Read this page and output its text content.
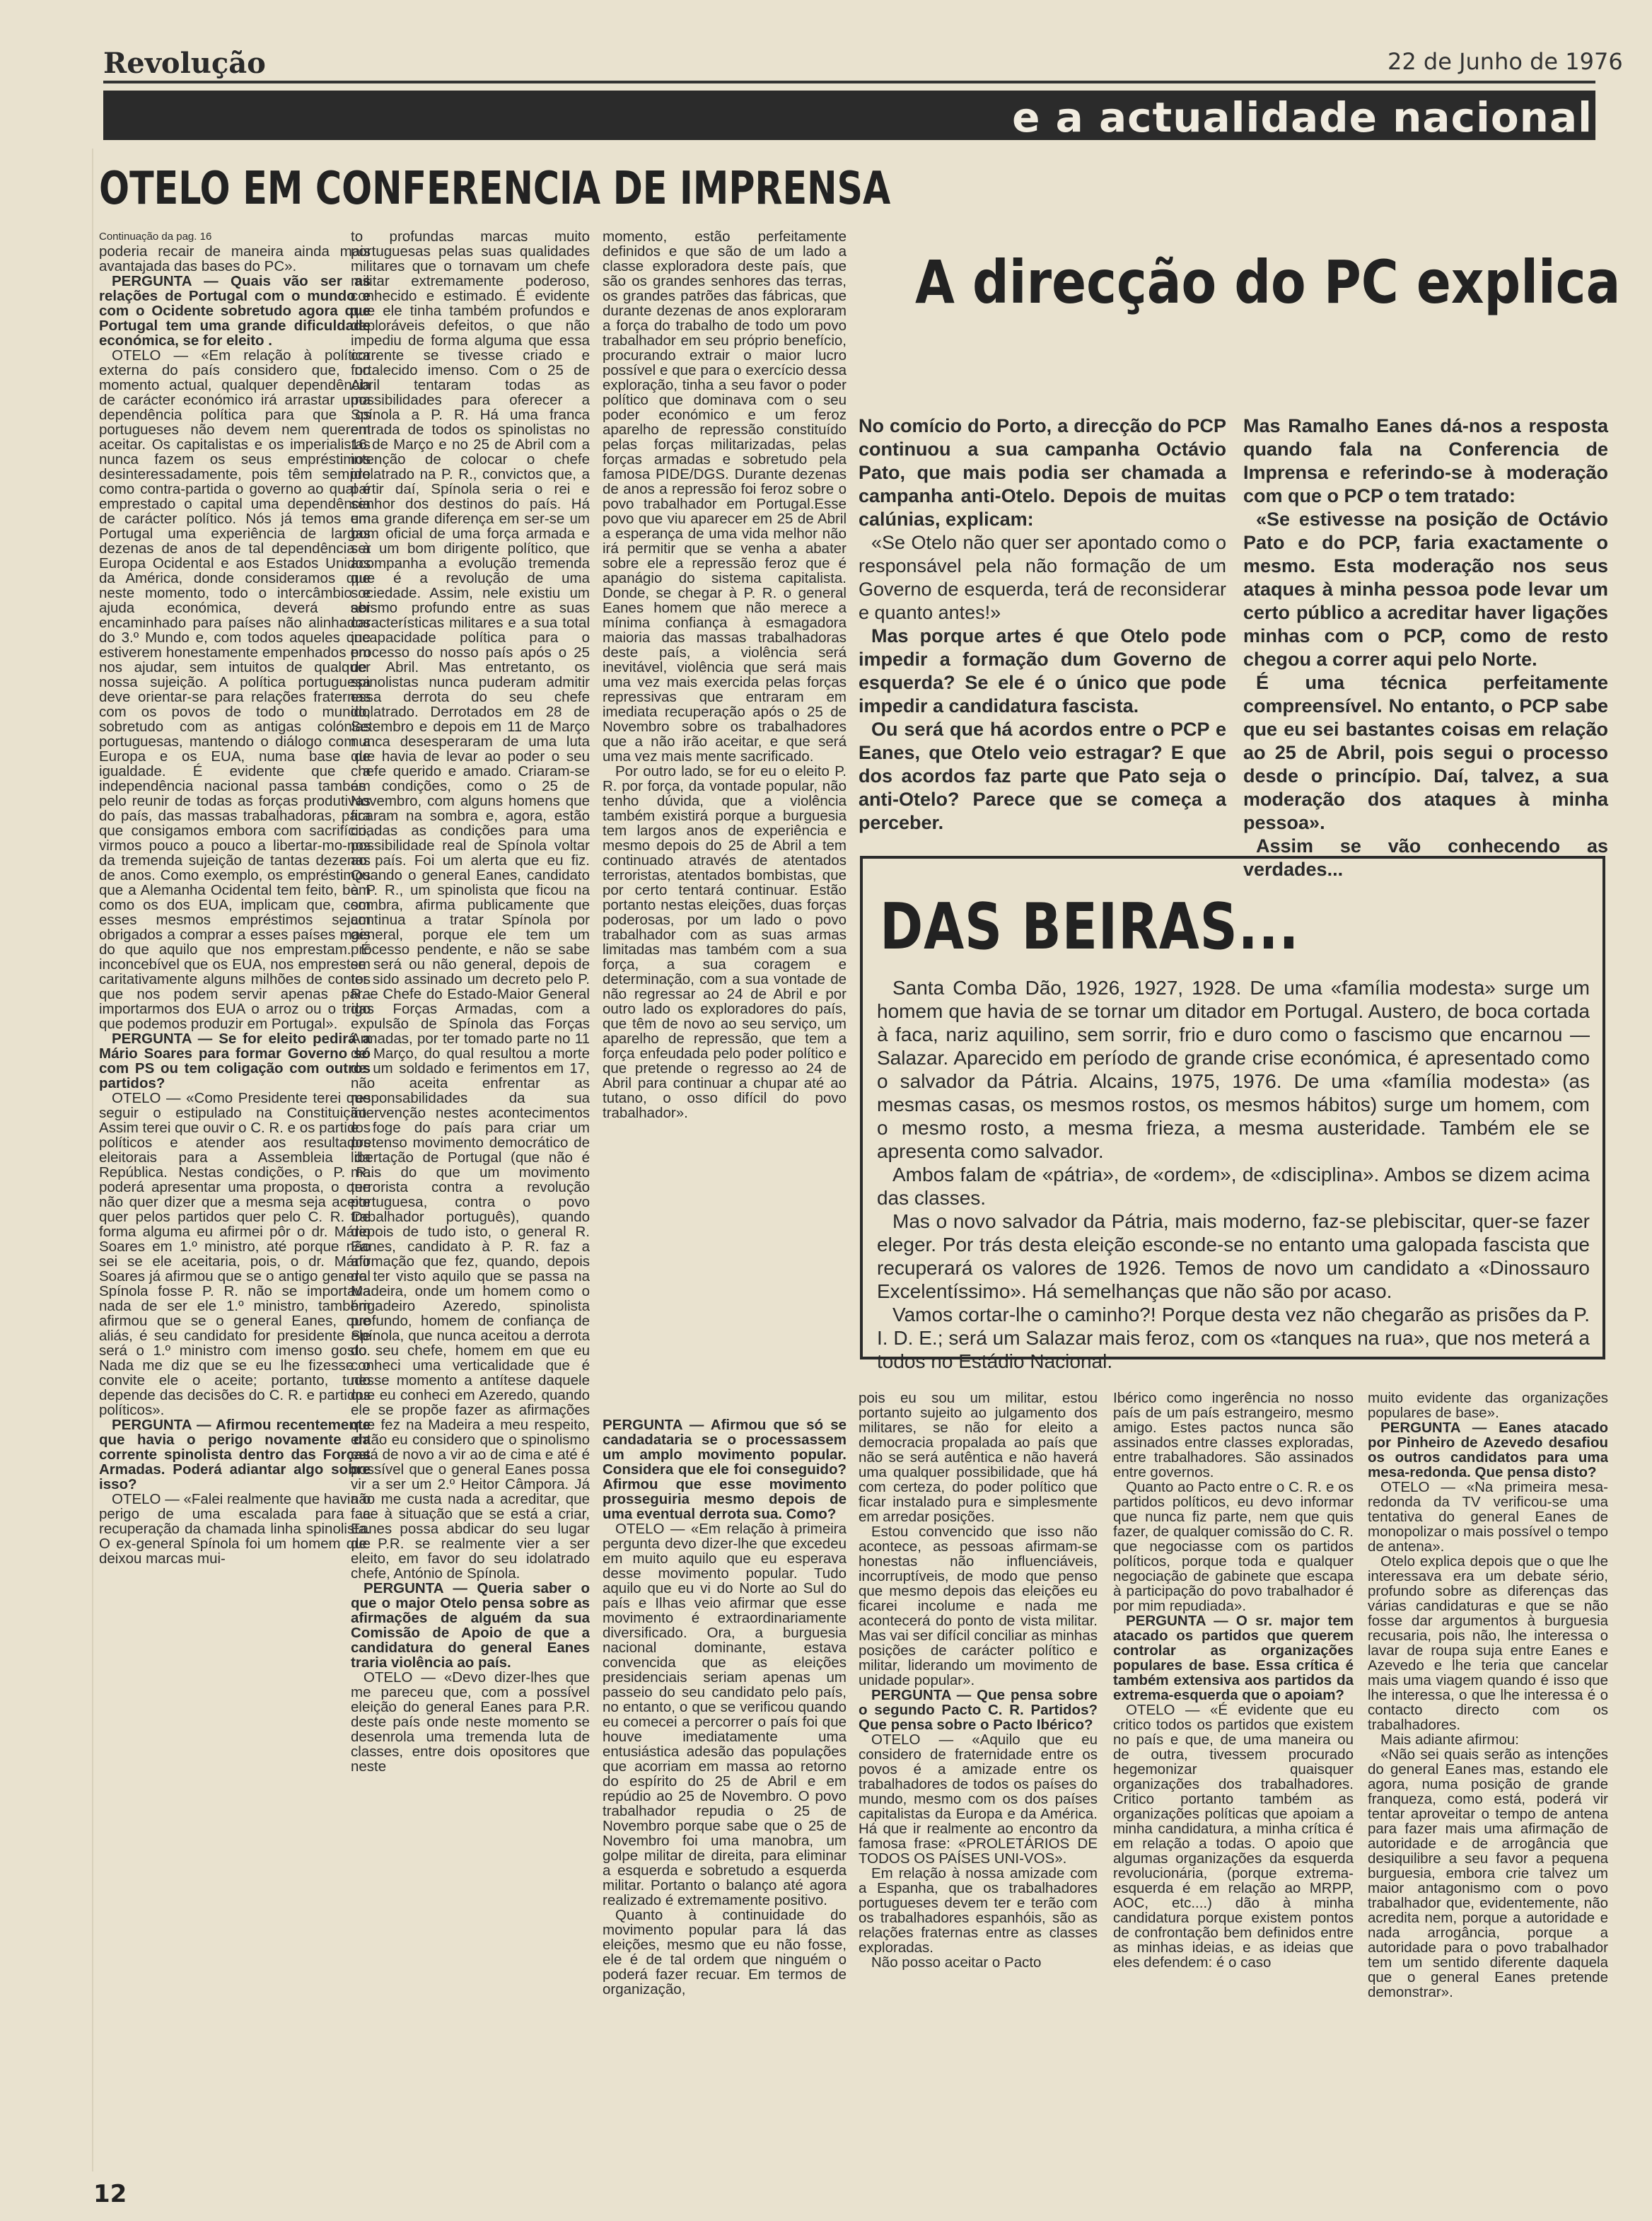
Revolução	22 de Junho de 1976
e a actualidade nacional
OTELO EM CONFERENCIA DE IMPRENSA
Continuação da pag. 16

poderia recair de maneira ainda mais avantajada das bases do PC».

PERGUNTA — Quais vão ser as relações de Portugal com o mundo e com o Ocidente sobretudo agora que Portugal tem uma grande dificuldade económica, se for eleito .

OTELO — «Em relação à política externa do país considero que, no momento actual, qualquer dependência de carácter económico irá arrastar uma dependência política para que os portugueses não devem nem querem aceitar. Os capitalistas e os imperialistas nunca fazem os seus empréstimos desinteressadamente, pois têm sempre como contra-partida o governo ao qual é emprestado o capital uma dependência de carácter político. Nós já temos em Portugal uma experiência de largas dezenas de anos de tal dependência à Europa Ocidental e aos Estados Unidos da América, donde consideramos que neste momento, todo o intercâmbio e ajuda económica, deverá ser encaminhado para países não alinhados do 3.º Mundo e, com todos aqueles que estiverem honestamente empenhados em nos ajudar, sem intuitos de qualquer nossa sujeição. A política portuguesa deve orientar-se para relações fraternas com os povos de todo o mundo, sobretudo com as antigas colónias portuguesas, mantendo o diálogo com a Europa e os EUA, numa base de igualdade. É evidente que a independência nacional passa também pelo reunir de todas as forças produtivas do país, das massas trabalhadoras, para que consigamos embora com sacrifício, virmos pouco a pouco a libertar-mo-nos da tremenda sujeição de tantas dezenas de anos. Como exemplo, os empréstimos que a Alemanha Ocidental tem feito, bem como os dos EUA, implicam que, com esses mesmos empréstimos sejam obrigados a comprar a esses países mais do que aquilo que nos emprestam. É inconcebível que os EUA, nos emprestem caritativamente alguns milhões de contos que nos podem servir apenas para importarmos dos EUA o arroz ou o trigo que podemos produzir em Portugal».

PERGUNTA — Se for eleito pedirá a Mário Soares para formar Governo só com PS ou tem coligação com outros partidos?

OTELO — «Como Presidente terei que seguir o estipulado na Constituição. Assim terei que ouvir o C. R. e os partidos políticos e atender aos resultados eleitorais para a Assembleia da República. Nestas condições, o P. R. poderá apresentar uma proposta, o que não quer dizer que a mesma seja aceite quer pelos partidos quer pelo C. R. De forma alguma eu afirmei pôr o dr. Mário Soares em 1.º ministro, até porque não sei se ele aceitaria, pois, o dr. Mário Soares já afirmou que se o antigo general Spínola fosse P. R. não se importava nada de ser ele 1.º ministro, também afirmou que se o general Eanes, que aliás, é seu candidato for presidente ele será o 1.º ministro com imenso gosto. Nada me diz que se eu lhe fizesse o convite ele o aceite; portanto, tudo depende das decisões do C. R. e partidos políticos».

PERGUNTA — Afirmou recentemente que havia o perigo novamente da corrente spinolista dentro das Forças Armadas. Poderá adiantar algo sobre isso?

OTELO — «Falei realmente que havia o perigo de uma escalada para a recuperação da chamada linha spinolista. O ex-general Spínola foi um homem que deixou marcas mui-

to profundas marcas muito portuguesas pelas suas qualidades militares que o tornavam um chefe militar extremamente poderoso, conhecido e estimado. É evidente que ele tinha também profundos e deploráveis defeitos, o que não impediu de forma alguma que essa corrente se tivesse criado e fortalecido imenso. Com o 25 de Abril tentaram todas as possibilidades para oferecer a Spínola a P. R. Há uma franca entrada de todos os spinolistas no 16 de Março e no 25 de Abril com a intenção de colocar o chefe idolatrado na P. R., convictos que, a partir daí, Spínola seria o rei e senhor dos destinos do país. Há uma grande diferença em ser-se um bom oficial de uma força armada e ser um bom dirigente político, que acompanha a evolução tremenda que é a revolução de uma sociedade. Assim, nele existiu um abismo profundo entre as suas características militares e a sua total incapacidade política para o processo do nosso país após o 25 de Abril. Mas entretanto, os spinolistas nunca puderam admitir essa derrota do seu chefe idolatrado. Derrotados em 28 de Setembro e depois em 11 de Março nunca desesperaram de uma luta que havia de levar ao poder o seu chefe querido e amado. Criaram-se as condições, como o 25 de Novembro, com alguns homens que ficaram na sombra e, agora, estão criadas as condições para uma possibilidade real de Spínola voltar ao país. Foi um alerta que eu fiz. Quando o general Eanes, candidato à P. R., um spinolista que ficou na sombra, afirma publicamente que continua a tratar Spínola por general, porque ele tem um processo pendente, e não se sabe se será ou não general, depois de ter sido assinado um decreto pelo P. R. e Chefe do Estado-Maior General das Forças Armadas, com a expulsão de Spínola das Forças Armadas, por ter tomado parte no 11 de Março, do qual resultou a morte de um soldado e ferimentos em 17, não aceita enfrentar as responsabilidades da sua intervenção nestes acontecimentos e foge do país para criar um pretenso movimento democrático de libertação de Portugal (que não é mais do que um movimento terrorista contra a revolução portuguesa, contra o povo trabalhador português), quando depois de tudo isto, o general R. Eanes, candidato à P. R. faz a afirmação que fez, quando, depois de ter visto aquilo que se passa na Madeira, onde um homem como o brigadeiro Azeredo, spinolista profundo, homem de confiança de Spínola, que nunca aceitou a derrota do seu chefe, homem em que eu conheci uma verticalidade que é nesse momento a antítese daquele que eu conheci em Azeredo, quando ele se propõe fazer as afirmações que fez na Madeira a meu respeito, então eu considero que o spinolismo está de novo a vir ao de cima e até é possível que o general Eanes possa vir a ser um 2.º Heitor Câmpora. Já não me custa nada a acreditar, que face à situação que se está a criar, Eanes possa abdicar do seu lugar de P.R. se realmente vier a ser eleito, em favor do seu idolatrado chefe, António de Spínola.

PERGUNTA — Queria saber o que o major Otelo pensa sobre as afirmações de alguém da sua Comissão de Apoio de que a candidatura do general Eanes traria violência ao país.

OTELO — «Devo dizer-lhes que me pareceu que, com a possível eleição do general Eanes para P.R. deste país onde neste momento se desenrola uma tremenda luta de classes, entre dois opositores que neste

momento, estão perfeitamente definidos e que são de um lado a classe exploradora deste país, que são os grandes senhores das terras, os grandes patrões das fábricas, que durante dezenas de anos exploraram a força do trabalho de todo um povo trabalhador em seu próprio benefício, procurando extrair o maior lucro possível e que para o exercício dessa exploração, tinha a seu favor o poder político que dominava com o seu poder económico e um feroz aparelho de repressão constituído pelas forças militarizadas, pelas forças armadas e sobretudo pela famosa PIDE/DGS. Durante dezenas de anos a repressão foi feroz sobre o povo trabalhador em Portugal.Esse povo que viu aparecer em 25 de Abril a esperança de uma vida melhor não irá permitir que se venha a abater sobre ele a repressão feroz que é apanágio do sistema capitalista. Donde, se chegar à P. R. o general Eanes homem que não merece a mínima confiança à esmagadora maioria das massas trabalhadoras deste país, a violência será inevitável, violência que será mais uma vez mais exercida pelas forças repressivas que entraram em imediata recuperação após o 25 de Novembro sobre os trabalhadores que a não irão aceitar, e que será uma vez mais mente sacrificado.

Por outro lado, se for eu o eleito P. R. por força, da vontade popular, não tenho dúvida, que a violência também existirá porque a burguesia tem largos anos de experiência e mesmo depois do 25 de Abril a tem continuado através de atentados terroristas, atentados bombistas, que por certo tentará continuar. Estão portanto nestas eleições, duas forças poderosas, por um lado o povo trabalhador com as suas armas limitadas mas também com a sua força, a sua coragem e determinação, com a sua vontade de não regressar ao 24 de Abril e por outro lado os exploradores do país, que têm de novo ao seu serviço, um aparelho de repressão, que tem a força enfeudada pelo poder político e que pretende o regresso ao 24 de Abril para continuar a chupar até ao tutano, o osso difícil do povo trabalhador».

PERGUNTA — Afirmou que só se candadataria se o processassem um amplo movimento popular. Considera que ele foi conseguido? Afirmou que esse movimento prosseguiria mesmo depois de uma eventual derrota sua. Como?

OTELO — «Em relação à primeira pergunta devo dizer-lhe que excedeu em muito aquilo que eu esperava desse movimento popular. Tudo aquilo que eu vi do Norte ao Sul do país e Ilhas veio afirmar que esse movimento é extraordinariamente diversificado. Ora, a burguesia nacional dominante, estava convencida que as eleições presidenciais seriam apenas um passeio do seu candidato pelo país, no entanto, o que se verificou quando eu comecei a percorrer o país foi que houve imediatamente uma entusiástica adesão das populações que acorriam em massa ao retorno do espírito do 25 de Abril e em repúdio ao 25 de Novembro. O povo trabalhador repudia o 25 de Novembro porque sabe que o 25 de Novembro foi uma manobra, um golpe militar de direita, para eliminar a esquerda e sobretudo a esquerda militar. Portanto o balanço até agora realizado é extremamente positivo.

Quanto à continuidade do movimento popular para lá das eleições, mesmo que eu não fosse, ele é de tal ordem que ninguém o poderá fazer recuar. Em termos de organização,

A direcção do PC explica

No comício do Porto, a direcção do PCP continuou a sua campanha Octávio Pato, que mais podia ser chamada a campanha anti-Otelo. Depois de muitas calúnias, explicam:

«Se Otelo não quer ser apontado como o responsável pela não formação de um Governo de esquerda, terá de reconsiderar e quanto antes!»

Mas porque artes é que Otelo pode impedir a formação dum Governo de esquerda? Se ele é o único que pode impedir a candidatura fascista.

Ou será que há acordos entre o PCP e Eanes, que Otelo veio estragar? E que dos acordos faz parte que Pato seja o anti-Otelo? Parece que se começa a perceber.

Mas Ramalho Eanes dá-nos a resposta quando fala na Conferencia de Imprensa e referindo-se à moderação com que o PCP o tem tratado:

«Se estivesse na posição de Octávio Pato e do PCP, faria exactamente o mesmo. Esta moderação nos seus ataques à minha pessoa pode levar um certo público a acreditar haver ligações minhas com o PCP, como de resto chegou a correr aqui pelo Norte.

É uma técnica perfeitamente compreensível. No entanto, o PCP sabe que eu sei bastantes coisas em relação ao 25 de Abril, pois segui o processo desde o princípio. Daí, talvez, a sua moderação dos ataques à minha pessoa».

Assim se vão conhecendo as verdades...

DAS BEIRAS...

Santa Comba Dão, 1926, 1927, 1928. De uma «família modesta» surge um homem que havia de se tornar um ditador em Portugal. Austero, de boca cortada à faca, nariz aquilino, sem sorrir, frio e duro como o fascismo que encarnou — Salazar. Aparecido em período de grande crise económica, é apresentado como o salvador da Pátria. Alcains, 1975, 1976. De uma «família modesta» (as mesmas casas, os mesmos rostos, os mesmos hábitos) surge um homem, com o mesmo rosto, a mesma frieza, a mesma austeridade. Também ele se apresenta como salvador.

Ambos falam de «pátria», de «ordem», de «disciplina». Ambos se dizem acima das classes.

Mas o novo salvador da Pátria, mais moderno, faz-se plebiscitar, quer-se fazer eleger. Por trás desta eleição esconde-se no entanto uma galopada fascista que recuperará os valores de 1926. Temos de novo um candidato a «Dinossauro Excelentíssimo». Há semelhanças que não são por acaso.

Vamos cortar-lhe o caminho?! Porque desta vez não chegarão as prisões da P. I. D. E.; será um Salazar mais feroz, com os «tanques na rua», que nos meterá a todos no Estádio Nacional.

pois eu sou um militar, estou portanto sujeito ao julgamento dos militares, se não for eleito a democracia propalada ao país que não se será autêntica e não haverá uma qualquer possibilidade, que há com certeza, do poder político que ficar instalado pura e simplesmente em arredar posições.

Estou convencido que isso não acontece, as pessoas afirmam-se honestas não influenciáveis, incorruptíveis, de modo que penso que mesmo depois das eleições eu ficarei incolume e nada me acontecerá do ponto de vista militar. Mas vai ser difícil conciliar as minhas posições de carácter político e militar, liderando um movimento de unidade popular».

PERGUNTA — Que pensa sobre o segundo Pacto C. R. Partidos? Que pensa sobre o Pacto Ibérico?

OTELO — «Aquilo que eu considero de fraternidade entre os povos é a amizade entre os trabalhadores de todos os países do mundo, mesmo com os dos países capitalistas da Europa e da América. Há que ir realmente ao encontro da famosa frase: «PROLETÁRIOS DE TODOS OS PAÍSES UNI-VOS».

Em relação à nossa amizade com a Espanha, que os trabalhadores portugueses devem ter e terão com os trabalhadores espanhóis, são as relações fraternas entre as classes exploradas.

Não posso aceitar o Pacto

Ibérico como ingerência no nosso país de um país estrangeiro, mesmo amigo. Estes pactos nunca são assinados entre classes exploradas, entre trabalhadores. São assinados entre governos.

Quanto ao Pacto entre o C. R. e os partidos políticos, eu devo informar que nunca fiz parte, nem que quis fazer, de qualquer comissão do C. R. que negociasse com os partidos políticos, porque toda e qualquer negociação de gabinete que escapa à participação do povo trabalhador é por mim repudiada».

PERGUNTA — O sr. major tem atacado os partidos que querem controlar as organizações populares de base. Essa crítica é também extensiva aos partidos da extrema-esquerda que o apoiam?

OTELO — «É evidente que eu critico todos os partidos que existem no país e que, de uma maneira ou de outra, tivessem procurado hegemonizar quaisquer organizações dos trabalhadores. Critico portanto também as organizações políticas que apoiam a minha candidatura, a minha crítica é em relação a todas. O apoio que algumas organizações da esquerda revolucionária, (porque extrema-esquerda é em relação ao MRPP, AOC, etc....) dão à minha candidatura porque existem pontos de confrontação bem definidos entre as minhas ideias, e as ideias que eles defendem: é o caso

muito evidente das organizações populares de base».

PERGUNTA — Eanes atacado por Pinheiro de Azevedo desafiou os outros candidatos para uma mesa-redonda. Que pensa disto?

OTELO — «Na primeira mesa-redonda da TV verificou-se uma tentativa do general Eanes de monopolizar o mais possível o tempo de antena».

Otelo explica depois que o que lhe interessava era um debate sério, profundo sobre as diferenças das várias candidaturas e que se não fosse dar argumentos à burguesia recusaria, pois não, lhe interessa o lavar de roupa suja entre Eanes e Azevedo e lhe teria que cancelar mais uma viagem quando é isso que lhe interessa, o que lhe interessa é o contacto directo com os trabalhadores.

Mais adiante afirmou:

«Não sei quais serão as intenções do general Eanes mas, estando ele agora, numa posição de grande franqueza, como está, poderá vir tentar aproveitar o tempo de antena para fazer mais uma afirmação de autoridade e de arrogância que desiquilibre a seu favor a pequena burguesia, embora crie talvez um maior antagonismo com o povo trabalhador que, evidentemente, não acredita nem, porque a autoridade e nada arrogância, porque a autoridade para o povo trabalhador tem um sentido diferente daquela que o general Eanes pretende demonstrar».

12
